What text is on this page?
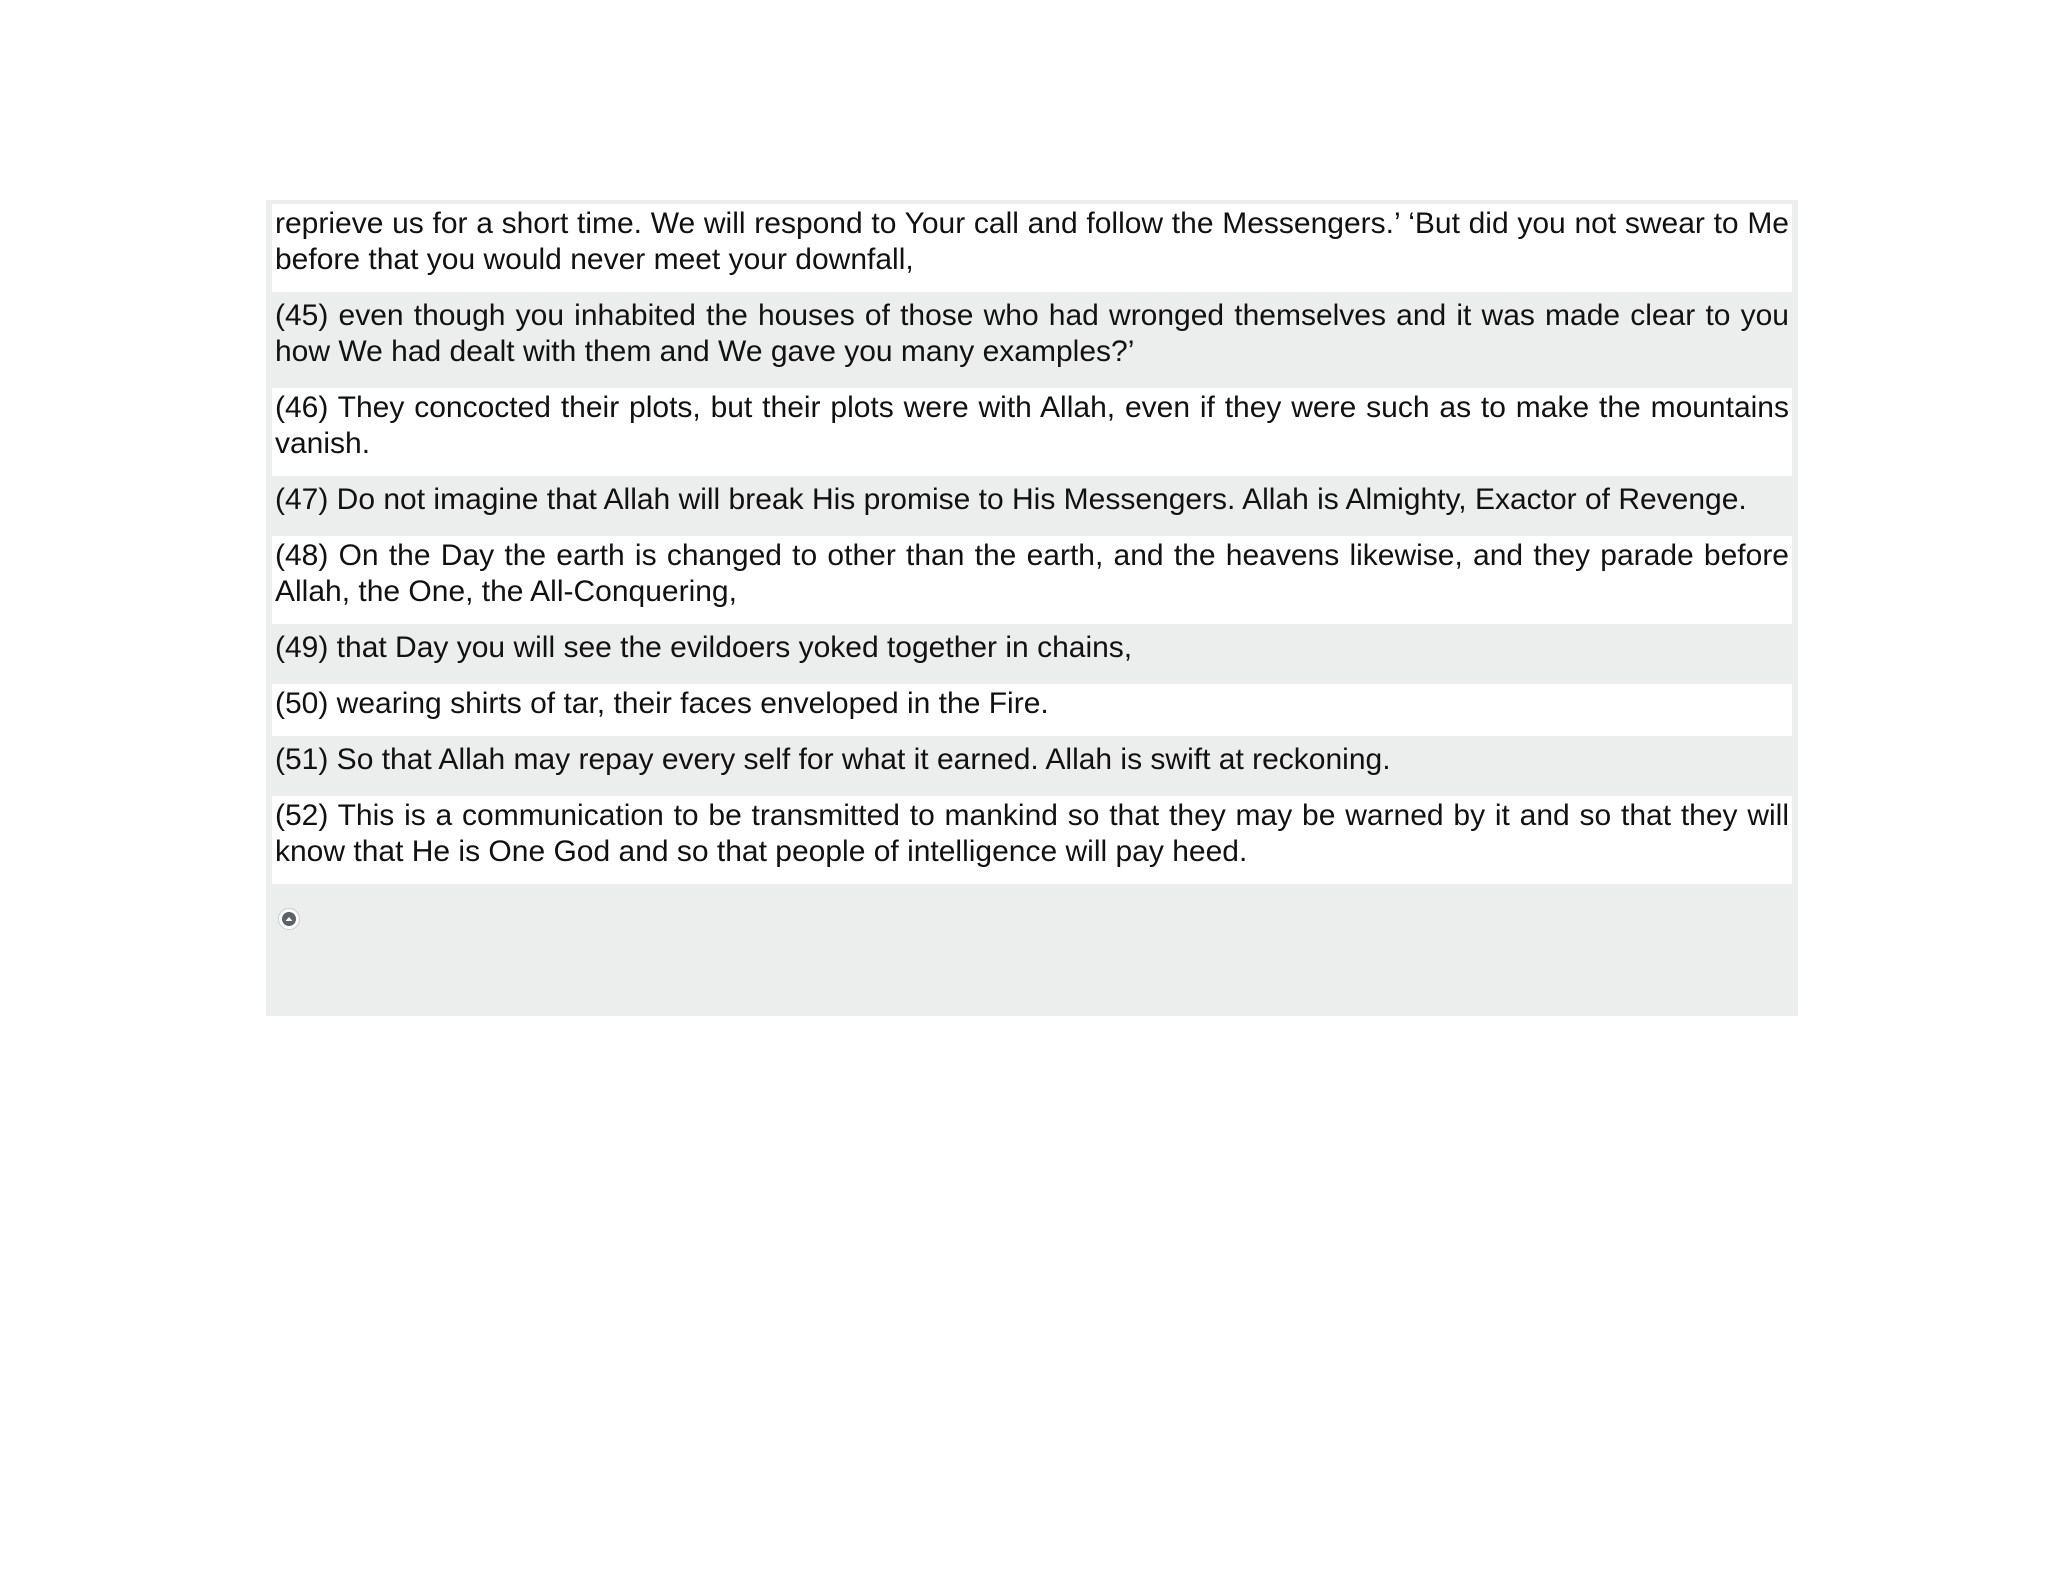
reprieve us for a short time. We will respond to Your call and follow the Messengers.’ ‘But did you not swear to Me before that you would never meet your downfall,
(45) even though you inhabited the houses of those who had wronged themselves and it was made clear to you how We had dealt with them and We gave you many examples?’
(46) They concocted their plots, but their plots were with Allah, even if they were such as to make the mountains vanish.
(47) Do not imagine that Allah will break His promise to His Messengers. Allah is Almighty, Exactor of Revenge.
(48) On the Day the earth is changed to other than the earth, and the heavens likewise, and they parade before Allah, the One, the All-Conquering,
(49) that Day you will see the evildoers yoked together in chains,
(50) wearing shirts of tar, their faces enveloped in the Fire.
(51) So that Allah may repay every self for what it earned. Allah is swift at reckoning.
(52) This is a communication to be transmitted to mankind so that they may be warned by it and so that they will know that He is One God and so that people of intelligence will pay heed.
